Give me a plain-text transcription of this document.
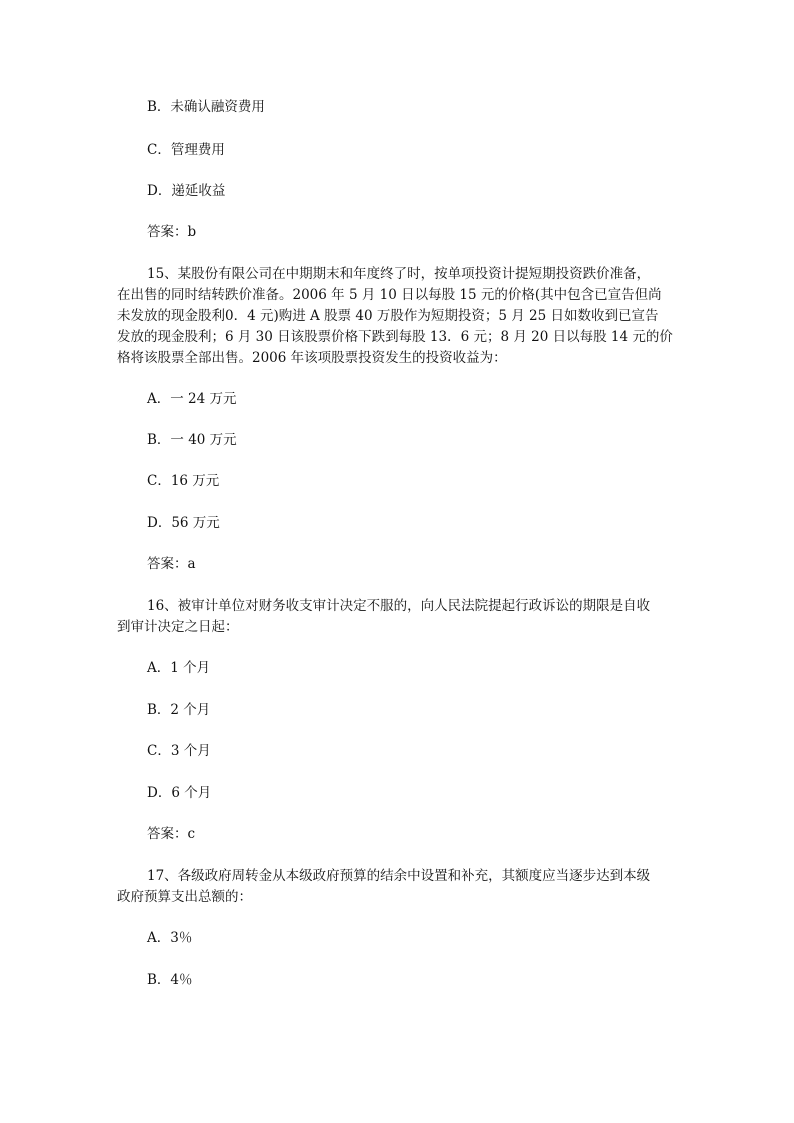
B．未确认融资费用
C．管理费用
D．递延收益
答案：b
15、某股份有限公司在中期期末和年度终了时，按单项投资计提短期投资跌价准备，
在出售的同时结转跌价准备。2006 年 5 月 10 日以每股 15 元的价格(其中包含已宣告但尚
未发放的现金股利0．4 元)购进 A 股票 40 万股作为短期投资；5 月 25 日如数收到已宣告
发放的现金股利；6 月 30 日该股票价格下跌到每股 13．6 元；8 月 20 日以每股 14 元的价
格将该股票全部出售。2006 年该项股票投资发生的投资收益为：
A．一 24 万元
B．一 40 万元
C．16 万元
D．56 万元
答案：a
16、被审计单位对财务收支审计决定不服的，向人民法院提起行政诉讼的期限是自收
到审计决定之日起：
A．1 个月
B．2 个月
C．3 个月
D．6 个月
答案：c
17、各级政府周转金从本级政府预算的结余中设置和补充，其额度应当逐步达到本级
政府预算支出总额的：
A．3％
B．4％
